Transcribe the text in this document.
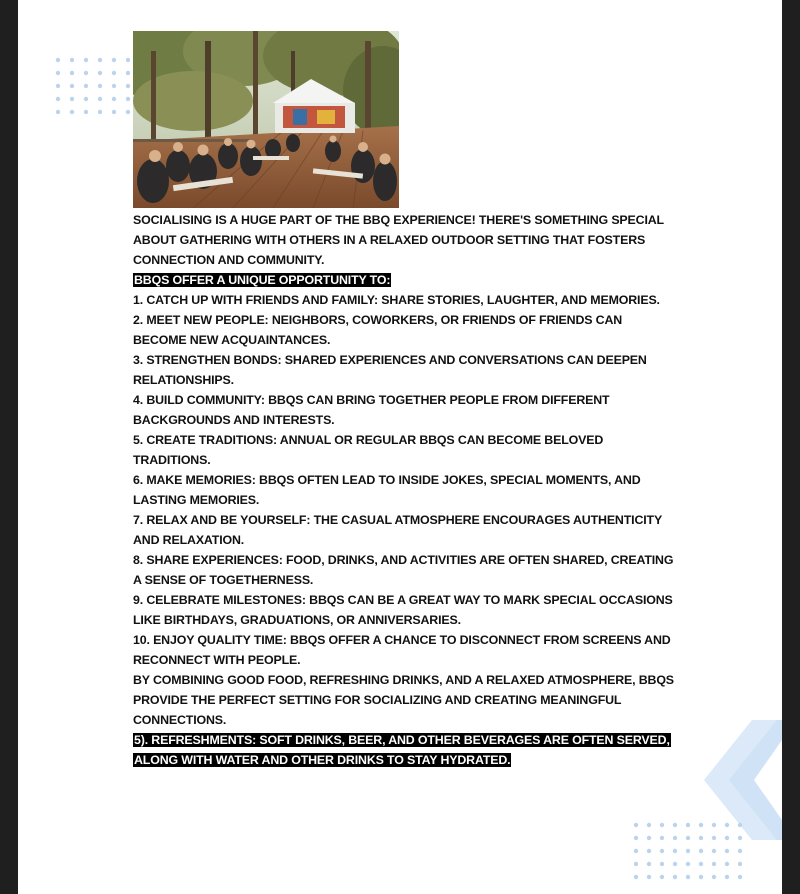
SOCIALISING IS A HUGE PART OF THE BBQ EXPERIENCE! THERE'S SOMETHING SPECIAL ABOUT GATHERING WITH OTHERS IN A RELAXED OUTDOOR SETTING THAT FOSTERS CONNECTION AND COMMUNITY.

BBQS OFFER A UNIQUE OPPORTUNITY TO:

1. CATCH UP WITH FRIENDS AND FAMILY: SHARE STORIES, LAUGHTER, AND MEMORIES.

2. MEET NEW PEOPLE: NEIGHBORS, COWORKERS, OR FRIENDS OF FRIENDS CAN BECOME NEW ACQUAINTANCES.

3. STRENGTHEN BONDS: SHARED EXPERIENCES AND CONVERSATIONS CAN DEEPEN RELATIONSHIPS.

4. BUILD COMMUNITY: BBQS CAN BRING TOGETHER PEOPLE FROM DIFFERENT BACKGROUNDS AND INTERESTS.

5. CREATE TRADITIONS: ANNUAL OR REGULAR BBQS CAN BECOME BELOVED TRADITIONS.

6. MAKE MEMORIES: BBQS OFTEN LEAD TO INSIDE JOKES, SPECIAL MOMENTS, AND LASTING MEMORIES.

7. RELAX AND BE YOURSELF: THE CASUAL ATMOSPHERE ENCOURAGES AUTHENTICITY AND RELAXATION.

8. SHARE EXPERIENCES: FOOD, DRINKS, AND ACTIVITIES ARE OFTEN SHARED, CREATING A SENSE OF TOGETHERNESS.

9. CELEBRATE MILESTONES: BBQS CAN BE A GREAT WAY TO MARK SPECIAL OCCASIONS LIKE BIRTHDAYS, GRADUATIONS, OR ANNIVERSARIES.

10. ENJOY QUALITY TIME: BBQS OFFER A CHANCE TO DISCONNECT FROM SCREENS AND RECONNECT WITH PEOPLE.

BY COMBINING GOOD FOOD, REFRESHING DRINKS, AND A RELAXED ATMOSPHERE, BBQS PROVIDE THE PERFECT SETTING FOR SOCIALIZING AND CREATING MEANINGFUL CONNECTIONS.

5). REFRESHMENTS: SOFT DRINKS, BEER, AND OTHER BEVERAGES ARE OFTEN SERVED, ALONG WITH WATER AND OTHER DRINKS TO STAY HYDRATED.
